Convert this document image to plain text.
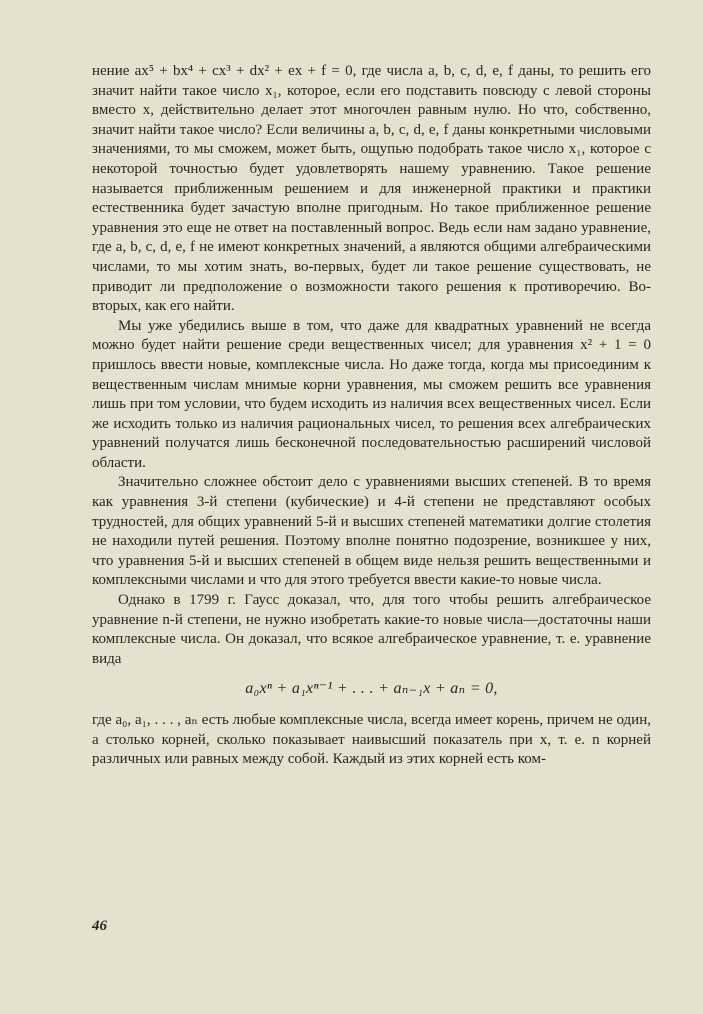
нение ax⁵ + bx⁴ + cx³ + dx² + ex + f = 0, где числа a, b, c, d, e, f даны, то решить его значит найти такое число x₁, которое, если его подставить повсюду с левой стороны вместо x, действительно делает этот многочлен равным нулю. Но что, собственно, значит найти такое число? Если величины a, b, c, d, e, f даны конкретными числовыми значениями, то мы сможем, может быть, ощупью подобрать такое число x₁, которое с некоторой точностью будет удовлетворять нашему уравнению. Такое решение называется приближенным решением и для инженерной практики и практики естественника будет зачастую вполне пригодным. Но такое приближенное решение уравнения это еще не ответ на поставленный вопрос. Ведь если нам задано уравнение, где a, b, c, d, e, f не имеют конкретных значений, а являются общими алгебраическими числами, то мы хотим знать, во-первых, будет ли такое решение существовать, не приводит ли предположение о возможности такого решения к противоречию. Во-вторых, как его найти.

Мы уже убедились выше в том, что даже для квадратных уравнений не всегда можно будет найти решение среди вещественных чисел; для уравнения x² + 1 = 0 пришлось ввести новые, комплексные числа. Но даже тогда, когда мы присоединим к вещественным числам мнимые корни уравнения, мы сможем решить все уравнения лишь при том условии, что будем исходить из наличия всех вещественных чисел. Если же исходить только из наличия рациональных чисел, то решения всех алгебраических уравнений получатся лишь бесконечной последовательностью расширений числовой области.

Значительно сложнее обстоит дело с уравнениями высших степеней. В то время как уравнения 3-й степени (кубические) и 4-й степени не представляют особых трудностей, для общих уравнений 5-й и высших степеней математики долгие столетия не находили путей решения. Поэтому вполне понятно подозрение, возникшее у них, что уравнения 5-й и высших степеней в общем виде нельзя решить вещественными и комплексными числами и что для этого требуется ввести какие-то новые числа.

Однако в 1799 г. Гаусс доказал, что, для того чтобы решить алгебраическое уравнение n-й степени, не нужно изобретать какие-то новые числа—достаточны наши комплексные числа. Он доказал, что всякое алгебраическое уравнение, т. е. уравнение вида

a₀xⁿ + a₁xⁿ⁻¹ + . . . + aₙ₋₁x + aₙ = 0,

где a₀, a₁, . . . , aₙ есть любые комплексные числа, всегда имеет корень, причем не один, а столько корней, сколько показывает наивысший показатель при x, т. е. n корней различных или равных между собой. Каждый из этих корней есть ком-

46
